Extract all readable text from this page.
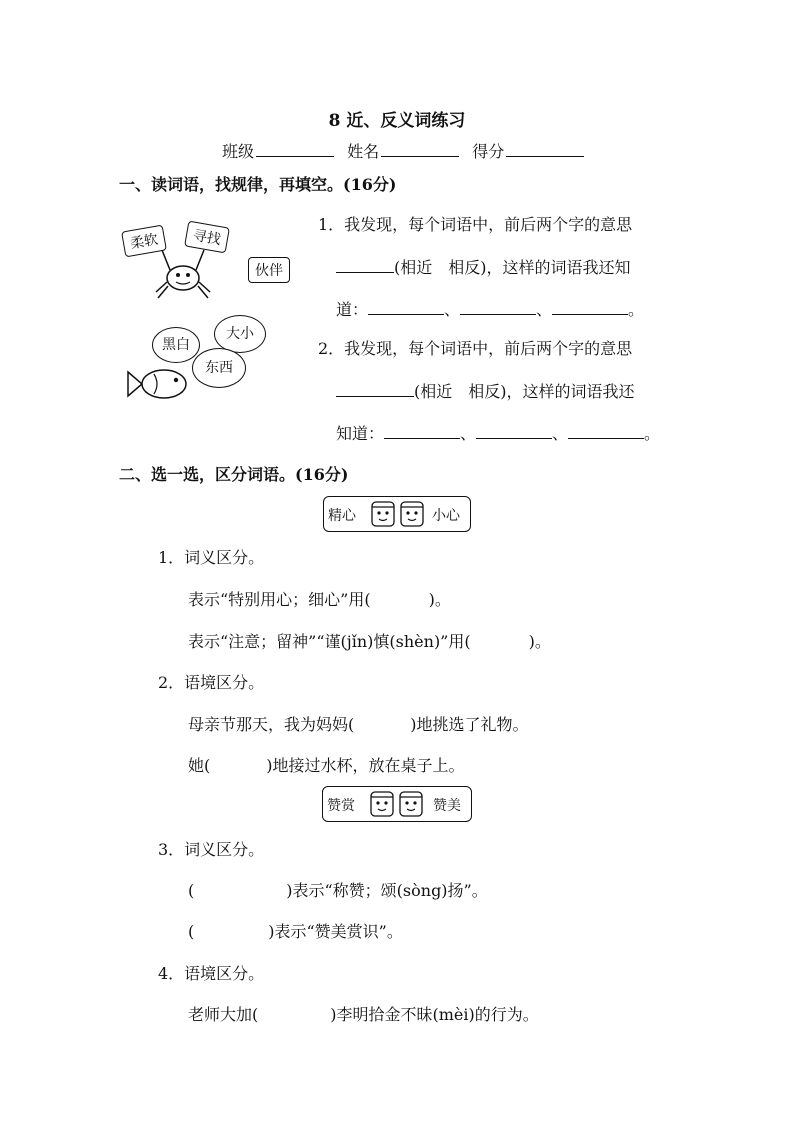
8 近、反义词练习
班级	姓名	得分
一、读词语，找规律，再填空。(16分)
柔软	寻找
伙伴
黑白
大小
东西
1．我发现，每个词语中，前后两个字的意思
(相近　相反)，这样的词语我还知
道：	、	、	。
2．我发现，每个词语中，前后两个字的意思
(相近　相反)，这样的词语我还
知道：	、	、	。
二、选一选，区分词语。(16分)
精心	小心
1．词义区分。
表示“特别用心；细心”用(	)。
表示“注意；留神”“谨(jǐn)慎(shèn)”用(	)。
2．语境区分。
母亲节那天，我为妈妈(	)地挑选了礼物。
她(	)地接过水杯，放在桌子上。
赞赏	赞美
3．词义区分。
(	)表示“称赞；颂(sòng)扬”。
(	)表示“赞美赏识”。
4．语境区分。
老师大加(	)李明拾金不昧(mèi)的行为。
